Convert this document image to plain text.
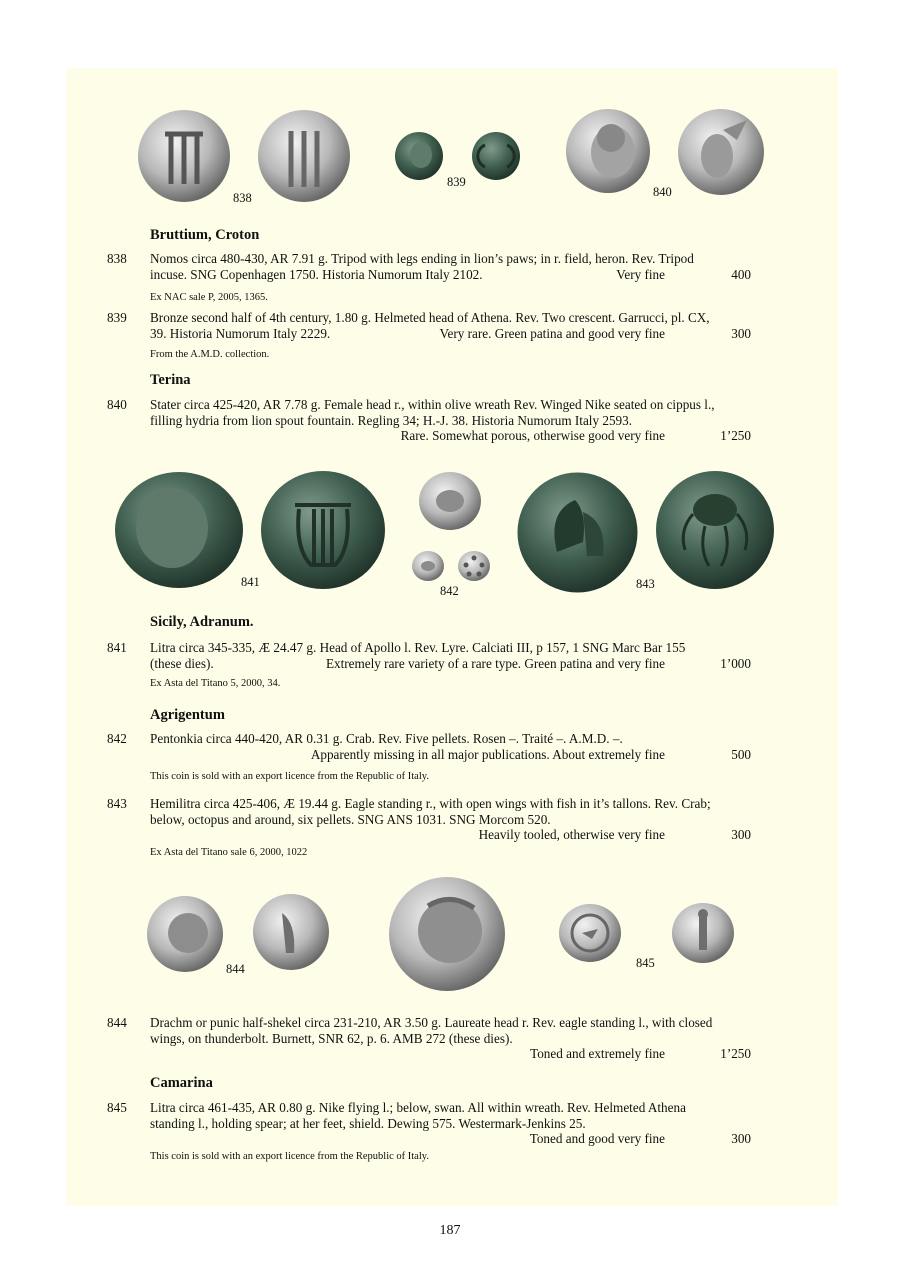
838
839
840
Bruttium, Croton
838 Nomos circa 480-430, AR 7.91 g. Tripod with legs ending in lion’s paws; in r. field, heron. Rev. Tripod
incuse. SNG Copenhagen 1750. Historia Numorum Italy 2102.	Very fine	400
Ex NAC sale P, 2005, 1365.
839 Bronze second half of 4th century, 1.80 g. Helmeted head of Athena. Rev. Two crescent. Garrucci, pl. CX,
39. Historia Numorum Italy 2229.	Very rare. Green patina and good very fine	300
From the A.M.D. collection.
Terina
840 Stater circa 425-420, AR 7.78 g. Female head r., within olive wreath Rev. Winged Nike seated on cippus l.,
filling hydria from lion spout fountain. Regling 34; H.-J. 38. Historia Numorum Italy 2593.
Rare. Somewhat porous, otherwise good very fine	1’250
841
842	843
Sicily, Adranum.
841 Litra circa 345-335, Æ 24.47 g. Head of Apollo l. Rev. Lyre. Calciati III, p 157, 1 SNG Marc Bar 155
(these dies).	Extremely rare variety of a rare type. Green patina and very fine	1’000
Ex Asta del Titano 5, 2000, 34.
Agrigentum
842 Pentonkia circa 440-420, AR 0.31 g. Crab. Rev. Five pellets. Rosen –. Traité –. A.M.D. –.
Apparently missing in all major publications. About extremely fine	500
This coin is sold with an export licence from the Republic of Italy.
843 Hemilitra circa 425-406, Æ 19.44 g. Eagle standing r., with open wings with fish in it’s tallons. Rev. Crab;
below, octopus and around, six pellets. SNG ANS 1031. SNG Morcom 520.
Heavily tooled, otherwise very fine	300
Ex Asta del Titano sale 6, 2000, 1022
844	845
844 Drachm or punic half-shekel circa 231-210, AR 3.50 g. Laureate head r. Rev. eagle standing l., with closed
wings, on thunderbolt. Burnett, SNR 62, p. 6. AMB 272 (these dies).
Toned and extremely fine	1’250
Camarina
845 Litra circa 461-435, AR 0.80 g. Nike flying l.; below, swan. All within wreath. Rev. Helmeted Athena
standing l., holding spear; at her feet, shield. Dewing 575. Westermark-Jenkins 25.
Toned and good very fine	300
This coin is sold with an export licence from the Republic of Italy.
187
